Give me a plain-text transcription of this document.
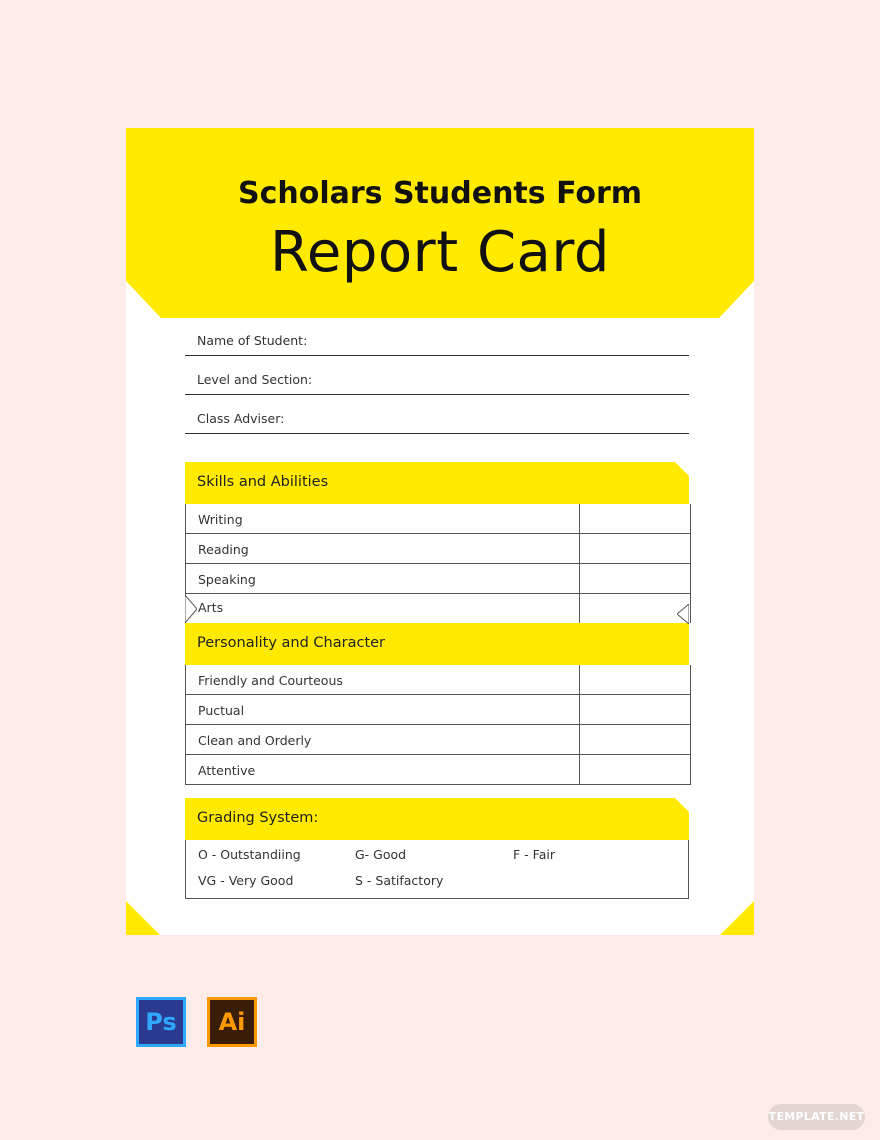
Scholars Students Form
Report Card
Name of Student:
Level and Section:
Class Adviser:
Skills and Abilities
Writing
Reading
Speaking
Arts
Personality and Character
Friendly and Courteous
Puctual
Clean and Orderly
Attentive
Grading System:
O - Outstandiing	G- Good	F - Fair
VG - Very Good	S - Satifactory
Ps	Ai
TEMPLATE.NET
